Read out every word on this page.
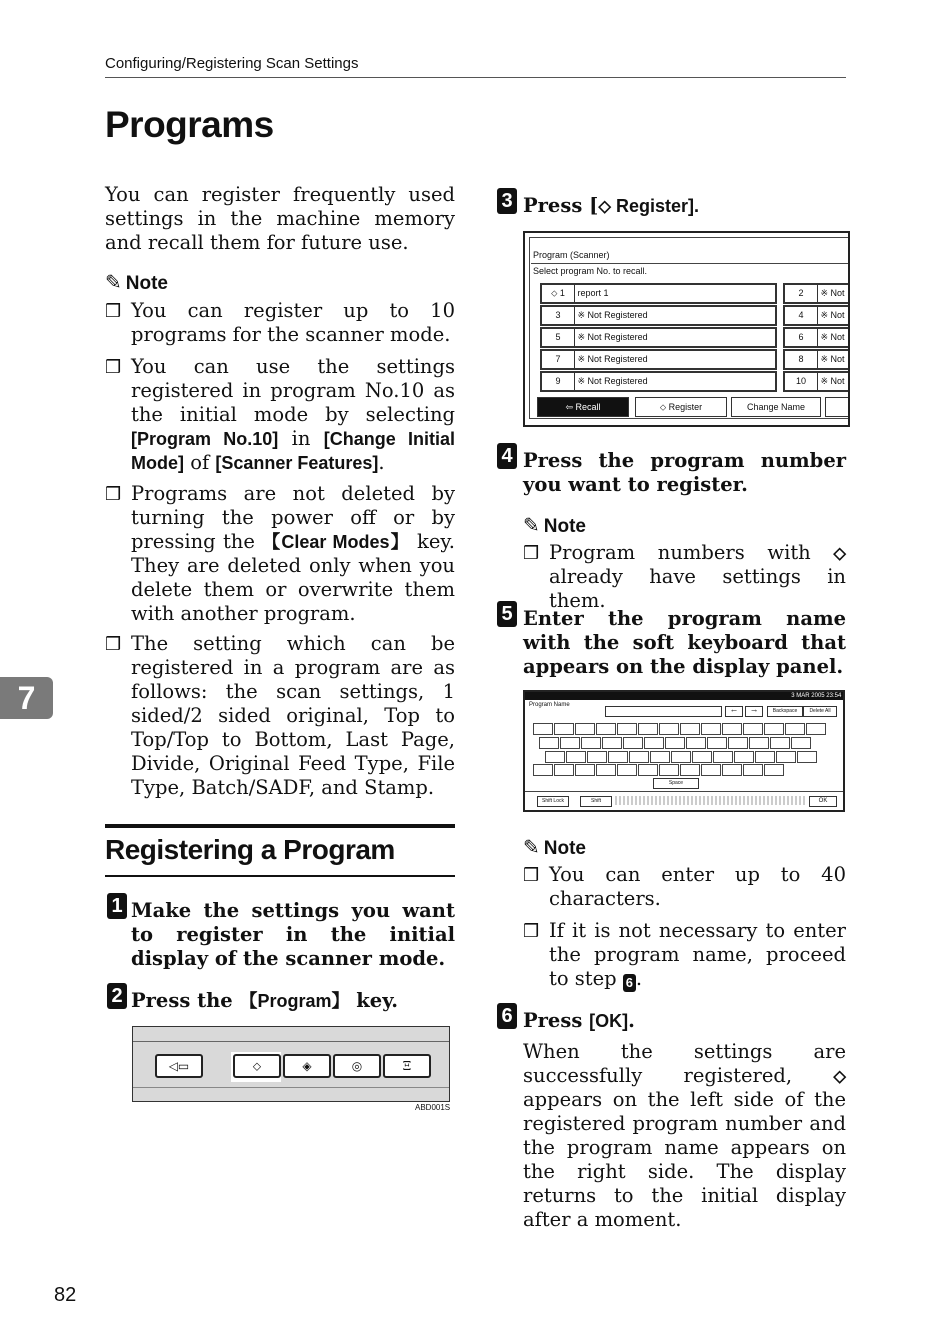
Configuring/Registering Scan Settings
Programs
7
You can register frequently used settings in the machine memory and recall them for future use.
✎ Note
❒ You can register up to 10 programs for the scanner mode.
❒ You can use the settings registered in program No.10 as the initial mode by selecting [Program No.10] in [Change Initial Mode] of [Scanner Features].
❒ Programs are not deleted by turning the power off or by pressing the 【Clear Modes】 key. They are deleted only when you delete them or overwrite them with another program.
❒ The setting which can be registered in a program are as follows: the scan settings, 1 sided/2 sided original, Top to Top/Top to Bottom, Last Page, Divide, Original Feed Type, File Type, Batch/SADF, and Stamp.
Registering a Program
1 Make the settings you want to register in the initial display of the scanner mode.
2 Press the 【Program】 key.
◁▭	⬦	◈	◎	Ξ
ABD001S
3 Press [⬦ Register].
Program (Scanner)
Select program No. to recall.
⬦ 1 report 1	2 ※ Not
3 ※ Not Registered	4 ※ Not
5 ※ Not Registered	6 ※ Not
7 ※ Not Registered	8 ※ Not
9 ※ Not Registered	10 ※ Not
⇦ Recall	⬦ Register	Change Name
4 Press the program number you want to register.
✎ Note
❒ Program numbers with ⬦ already have settings in them.
5 Enter the program name with the soft keyboard that appears on the display panel.
3 MAR 2005 23:54
Program Name
←	→	Backspace	Delete All
Space
Shift Lock	Shift	OK
✎ Note
❒ You can enter up to 40 characters.
❒ If it is not necessary to enter the program name, proceed to step 6 .
6 Press [OK].
When the settings are successfully registered, ⬦ appears on the left side of the registered program number and the program name appears on the right side. The display returns to the initial display after a moment.
82
